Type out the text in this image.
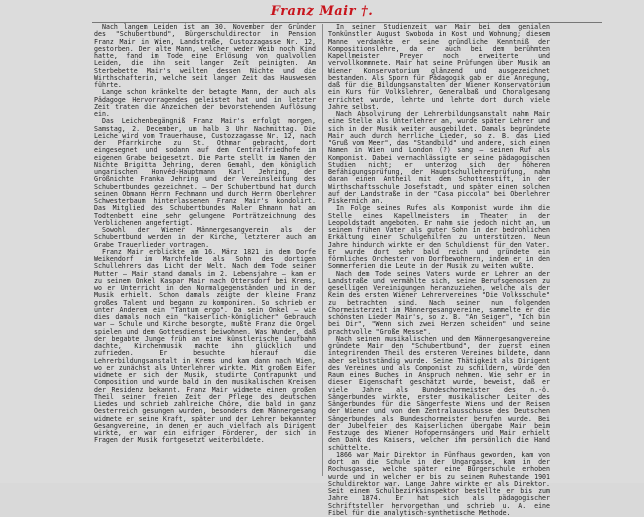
Franz Mair †.

Nach langem Leiden ist am 30. November der Gründer des "Schubertbund", Bürgerschuldirector in Pension Franz Mair in Wien, Landstraße, Custozzagasse Nr. 12, gestorben. Der alte Mann, welcher weder Weib noch Kind hatte, fand im Tode eine Erlösung von qualvollen Leiden, die ihn seit langer Zeit peinigten. Am Sterbebette Mair's weilten dessen Nichte und die Wirthschafterin, welche seit langer Zeit das Hauswesen führte.

Lange schon kränkelte der betagte Mann, der auch als Pädagoge Hervorragendes geleistet hat und in letzter Zeit traten die Anzeichen der bevorstehenden Auflösung ein.

Das Leichenbegängniß Franz Mair's erfolgt morgen, Samstag, 2. December, um halb 3 Uhr Nachmittag. Die Leiche wird vom Trauerhause, Custozzagasse Nr. 12, nach der Pfarrkirche zu St. Othmar gebracht, dort eingesegnet und sodann auf dem Centralfriedhofe im eigenen Grabe beigesetzt. Die Parte stellt im Namen der Nichte Brigitta Jehring, deren Gemahl, dem königlich ungarischen Honvéd-Hauptmann Karl Jehring, der Großnichte Franka Jehring und der Vereinsleitung des Schubertbundes gezeichnet. — Der Schubertbund hat durch seinen Obmann Herrn Fechmann und durch Herrn Oberlehrer Schwesterbaum hinterlassenen Franz Mair's kondolirt. Das Mitglied des Schubertbundes Maler Ehmann hat am Todtenbett eine sehr gelungene Porträtzeichnung des Verblichenen angefertigt.

Sowohl der Wiener Männergesangverein als der Schubertbund werden in der Kirche, letzterer auch am Grabe Trauerlieder vortragen.

Franz Mair erblickte am 16. März 1821 in dem Dorfe Weikendorf im Marchfelde als Sohn des dortigen Schullehrers das Licht der Welt. Nach dem Tode seiner Mutter — Mair stand damals im 2. Lebensjahre — kam er zu seinem Onkel Kaspar Mair nach Ottersdorf bei Krems, wo er Unterricht in den Normalgegenständen und in der Musik erhielt. Schon damals zeigte der kleine Franz großes Talent und begann zu komponiren. So schrieb er unter Anderem ein "Tantum ergo". Da sein Onkel — wie dies damals noch ein "kaiserlich-königlicher" Gebrauch war — Schule und Kirche besorgte, mußte Franz die Orgel spielen und dem Gottesdienst beiwohnen. Was Wunder, daß der begabte Junge früh an eine künstlerische Laufbahn dachte, Kirchenmusik machte ihn glücklich und zufrieden. Er besuchte hierauf die Lehrerbildungsanstalt in Krems und kam dann nach Wien, wo er zunächst als Unterlehrer wirkte. Mit großem Eifer widmete er sich der Musik, studirte Contrapunkt und Composition und wurde bald in den musikalischen Kreisen der Residenz bekannt. Franz Mair widmete einen großen Theil seiner freien Zeit der Pflege des deutschen Liedes und schrieb zahlreiche Chöre, die bald in ganz Oesterreich gesungen wurden, besonders dem Männergesang widmete er seine Kraft, später und der Lehrer bekannter Gesangvereine, in denen er auch vielfach als Dirigent wirkte, er war ein eifriger Förderer, der sich in Fragen der Musik fortgesetzt weiterbildete.

In seiner Studienzeit war Mair bei dem genialen Tonkünstler August Swoboda in Kost und Wohnung; diesem Manne verdankte er seine gründliche Kenntniß der Kompositionslehre, da er auch bei dem berühmten Kapellmeister Preyer noch erweiterte und vervollkommnete. Mair hat seine Prüfungen über Musik am Wiener Konservatorium glänzend und ausgezeichnet bestanden. Als Sporn für Pädagogik gab er die Anregung, daß für die Bildungsanstalten der Wiener Konservatorium ein Kurs für Volkslehrer, Generalbaß und Choralgesang errichtet wurde, lehrte und lehrte dort durch viele Jahre selbst.

Nach Absolvirung der Lehrerbildungsanstalt nahm Mair eine Stelle als Unterlehrer an, wurde später Lehrer und sich in der Musik weiter ausgebildet. Damals begründete Mair auch durch herrliche Lieder, so z. B. das Lied "Gruß vom Meer", das "Standbild" und andere, sich einen Namen in Wien und London (?) sang — seinen Ruf als Komponist. Dabei vernachlässigte er seine pädagogischen Studien nicht; er unterzog sich der höheren Befähigungsprüfung, der Hauptschullehrerprüfung, nahm daran einen Antheil mit dem Schottenstift, in der Wirthschaftsschule Josefstadt, und später einen solchen auf der Landstraße in der "Casa piccola" bei Oberlehrer Piskernich an.

In Folge seines Rufes als Komponist wurde ihm die Stelle eines Kapellmeisters im Theater in der Leopoldstadt angeboten. Er nahm sie jedoch nicht an, um seinem frühen Vater als guter Sohn in der bedrohlichen Erkältung einer Schulgehilfen zu unterstützen. Neun Jahre hindurch wirkte er den Schuldienst für den Vater. Er wurde dort sehr bald reich und gründete ein förmliches Orchester von Dorfbewohnern, indem er in den Sommerferien die Leute in der Musik zu weiten wußte.

Nach dem Tode seines Vaters wurde er Lehrer an der Landstraße und vermählte sich, seine Berufsgenossen zu geselligen Vereinigungen heranzuziehen, welche als der Keim des ersten Wiener Lehrervereines "Die Volksschule" zu betrachten sind. Nach seiner nun folgenden Chormeisterzeit im Männergesangvereine, sammelte er die schönsten Lieder Mair's, so z. B. "An Seiger", "Ich bin bei Dir", "Wenn sich zwei Herzen scheiden" und seine prachtvolle "Große Messe".

Nach seinen musikalischen und dem Männergesangvereine gründete Mair den "Schubertbund", der zuerst einen integrirenden Theil des ersteren Vereines bildete, dann aber selbstständig wurde. Seine Thätigkeit als Dirigent des Vereines und als Componist zu schildern, würde den Raum eines Buches in Anspruch nehmen. Wie sehr er in dieser Eigenschaft geschätzt wurde, beweist, daß er viele Jahre als Bundeschormeister des n.-ö. Sängerbundes wirkte, erster musikalischer Leiter des Sängerbundes für die Sängerfeste Wiens und der Reisen der Wiener und von dem Zentralausschusse des Deutschen Sängerbundes als Bundeschormeister berufen wurde. Bei der Jubelfeier des Kaiserlichen übergabe Mair beim Festzuge des Wiener Hofopernsängers und Mair erhielt den Dank des Kaisers, welcher ihm persönlich die Hand schüttelte.

1866 war Mair Direktor in Fünfhaus geworden, kam von dort an die Schule in der Ungargasse, kam in der Rochusgasse, welche später eine Bürgerschule erhoben wurde und in welcher er bis zu seinem Ruhestande 1901 Schuldirektor war. Lange Jahre wirkte er als Direktor. Seit einem Schulbezirksinspektor bestellte er bis zum Jahre 1874. Er hat sich als pädagogischer Schriftsteller hervorgethan und schrieb u. A. eine Fibel für die analytisch-synthetische Methode.
